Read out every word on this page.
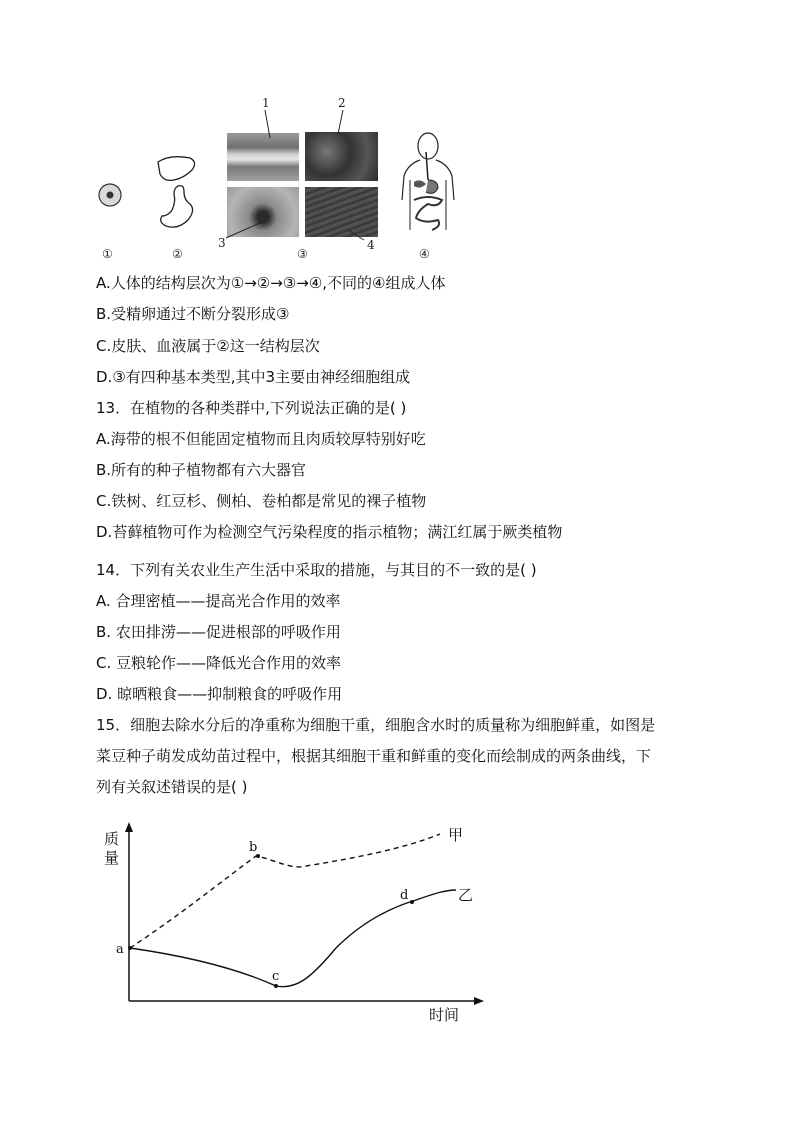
1	2
3	4
①	②	③	④
A.人体的结构层次为①→②→③→④,不同的④组成人体
B.受精卵通过不断分裂形成③
C.皮肤、血液属于②这一结构层次
D.③有四种基本类型,其中3主要由神经细胞组成
13．在植物的各种类群中,下列说法正确的是( )
A.海带的根不但能固定植物而且肉质较厚特别好吃
B.所有的种子植物都有六大器官
C.铁树、红豆杉、侧柏、卷柏都是常见的裸子植物
D.苔藓植物可作为检测空气污染程度的指示植物；满江红属于厥类植物
14．下列有关农业生产生活中采取的措施，与其目的不一致的是( )
A. 合理密植——提高光合作用的效率
B. 农田排涝——促进根部的呼吸作用
C. 豆粮轮作——降低光合作用的效率
D. 晾晒粮食——抑制粮食的呼吸作用
15．细胞去除水分后的净重称为细胞干重，细胞含水时的质量称为细胞鲜重，如图是
菜豆种子萌发成幼苗过程中，根据其细胞干重和鲜重的变化而绘制成的两条曲线，下
列有关叙述错误的是( )
质
量
时间
a
b
c
d
甲
乙
